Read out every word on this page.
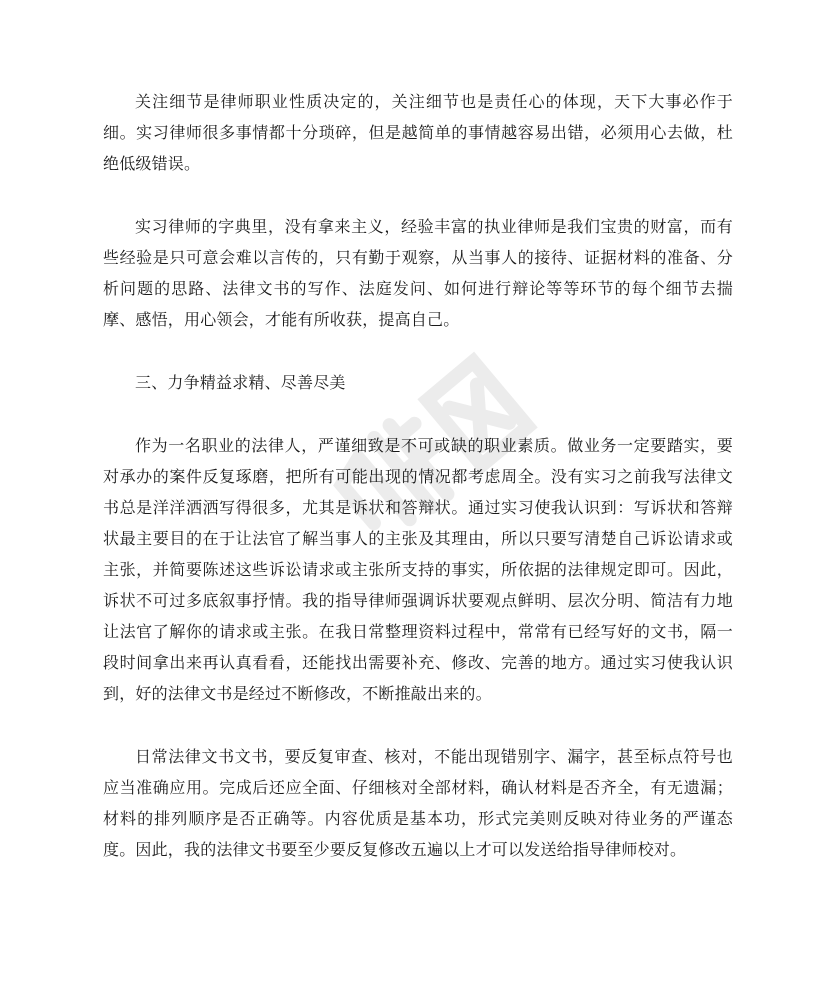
关注细节是律师职业性质决定的，关注细节也是责任心的体现，天下大事必作于细。实习律师很多事情都十分琐碎，但是越简单的事情越容易出错，必须用心去做，杜绝低级错误。

实习律师的字典里，没有拿来主义，经验丰富的执业律师是我们宝贵的财富，而有些经验是只可意会难以言传的，只有勤于观察，从当事人的接待、证据材料的准备、分析问题的思路、法律文书的写作、法庭发问、如何进行辩论等等环节的每个细节去揣摩、感悟，用心领会，才能有所收获，提高自己。

三、力争精益求精、尽善尽美

作为一名职业的法律人，严谨细致是不可或缺的职业素质。做业务一定要踏实，要对承办的案件反复琢磨，把所有可能出现的情况都考虑周全。没有实习之前我写法律文书总是洋洋洒洒写得很多，尤其是诉状和答辩状。通过实习使我认识到：写诉状和答辩状最主要目的在于让法官了解当事人的主张及其理由，所以只要写清楚自己诉讼请求或主张，并简要陈述这些诉讼请求或主张所支持的事实，所依据的法律规定即可。因此，诉状不可过多底叙事抒情。我的指导律师强调诉状要观点鲜明、层次分明、简洁有力地让法官了解你的请求或主张。在我日常整理资料过程中，常常有已经写好的文书，隔一段时间拿出来再认真看看，还能找出需要补充、修改、完善的地方。通过实习使我认识到，好的法律文书是经过不断修改，不断推敲出来的。

日常法律文书文书，要反复审查、核对，不能出现错别字、漏字，甚至标点符号也应当准确应用。完成后还应全面、仔细核对全部材料，确认材料是否齐全，有无遗漏；材料的排列顺序是否正确等。内容优质是基本功，形式完美则反映对待业务的严谨态度。因此，我的法律文书要至少要反复修改五遍以上才可以发送给指导律师校对。
